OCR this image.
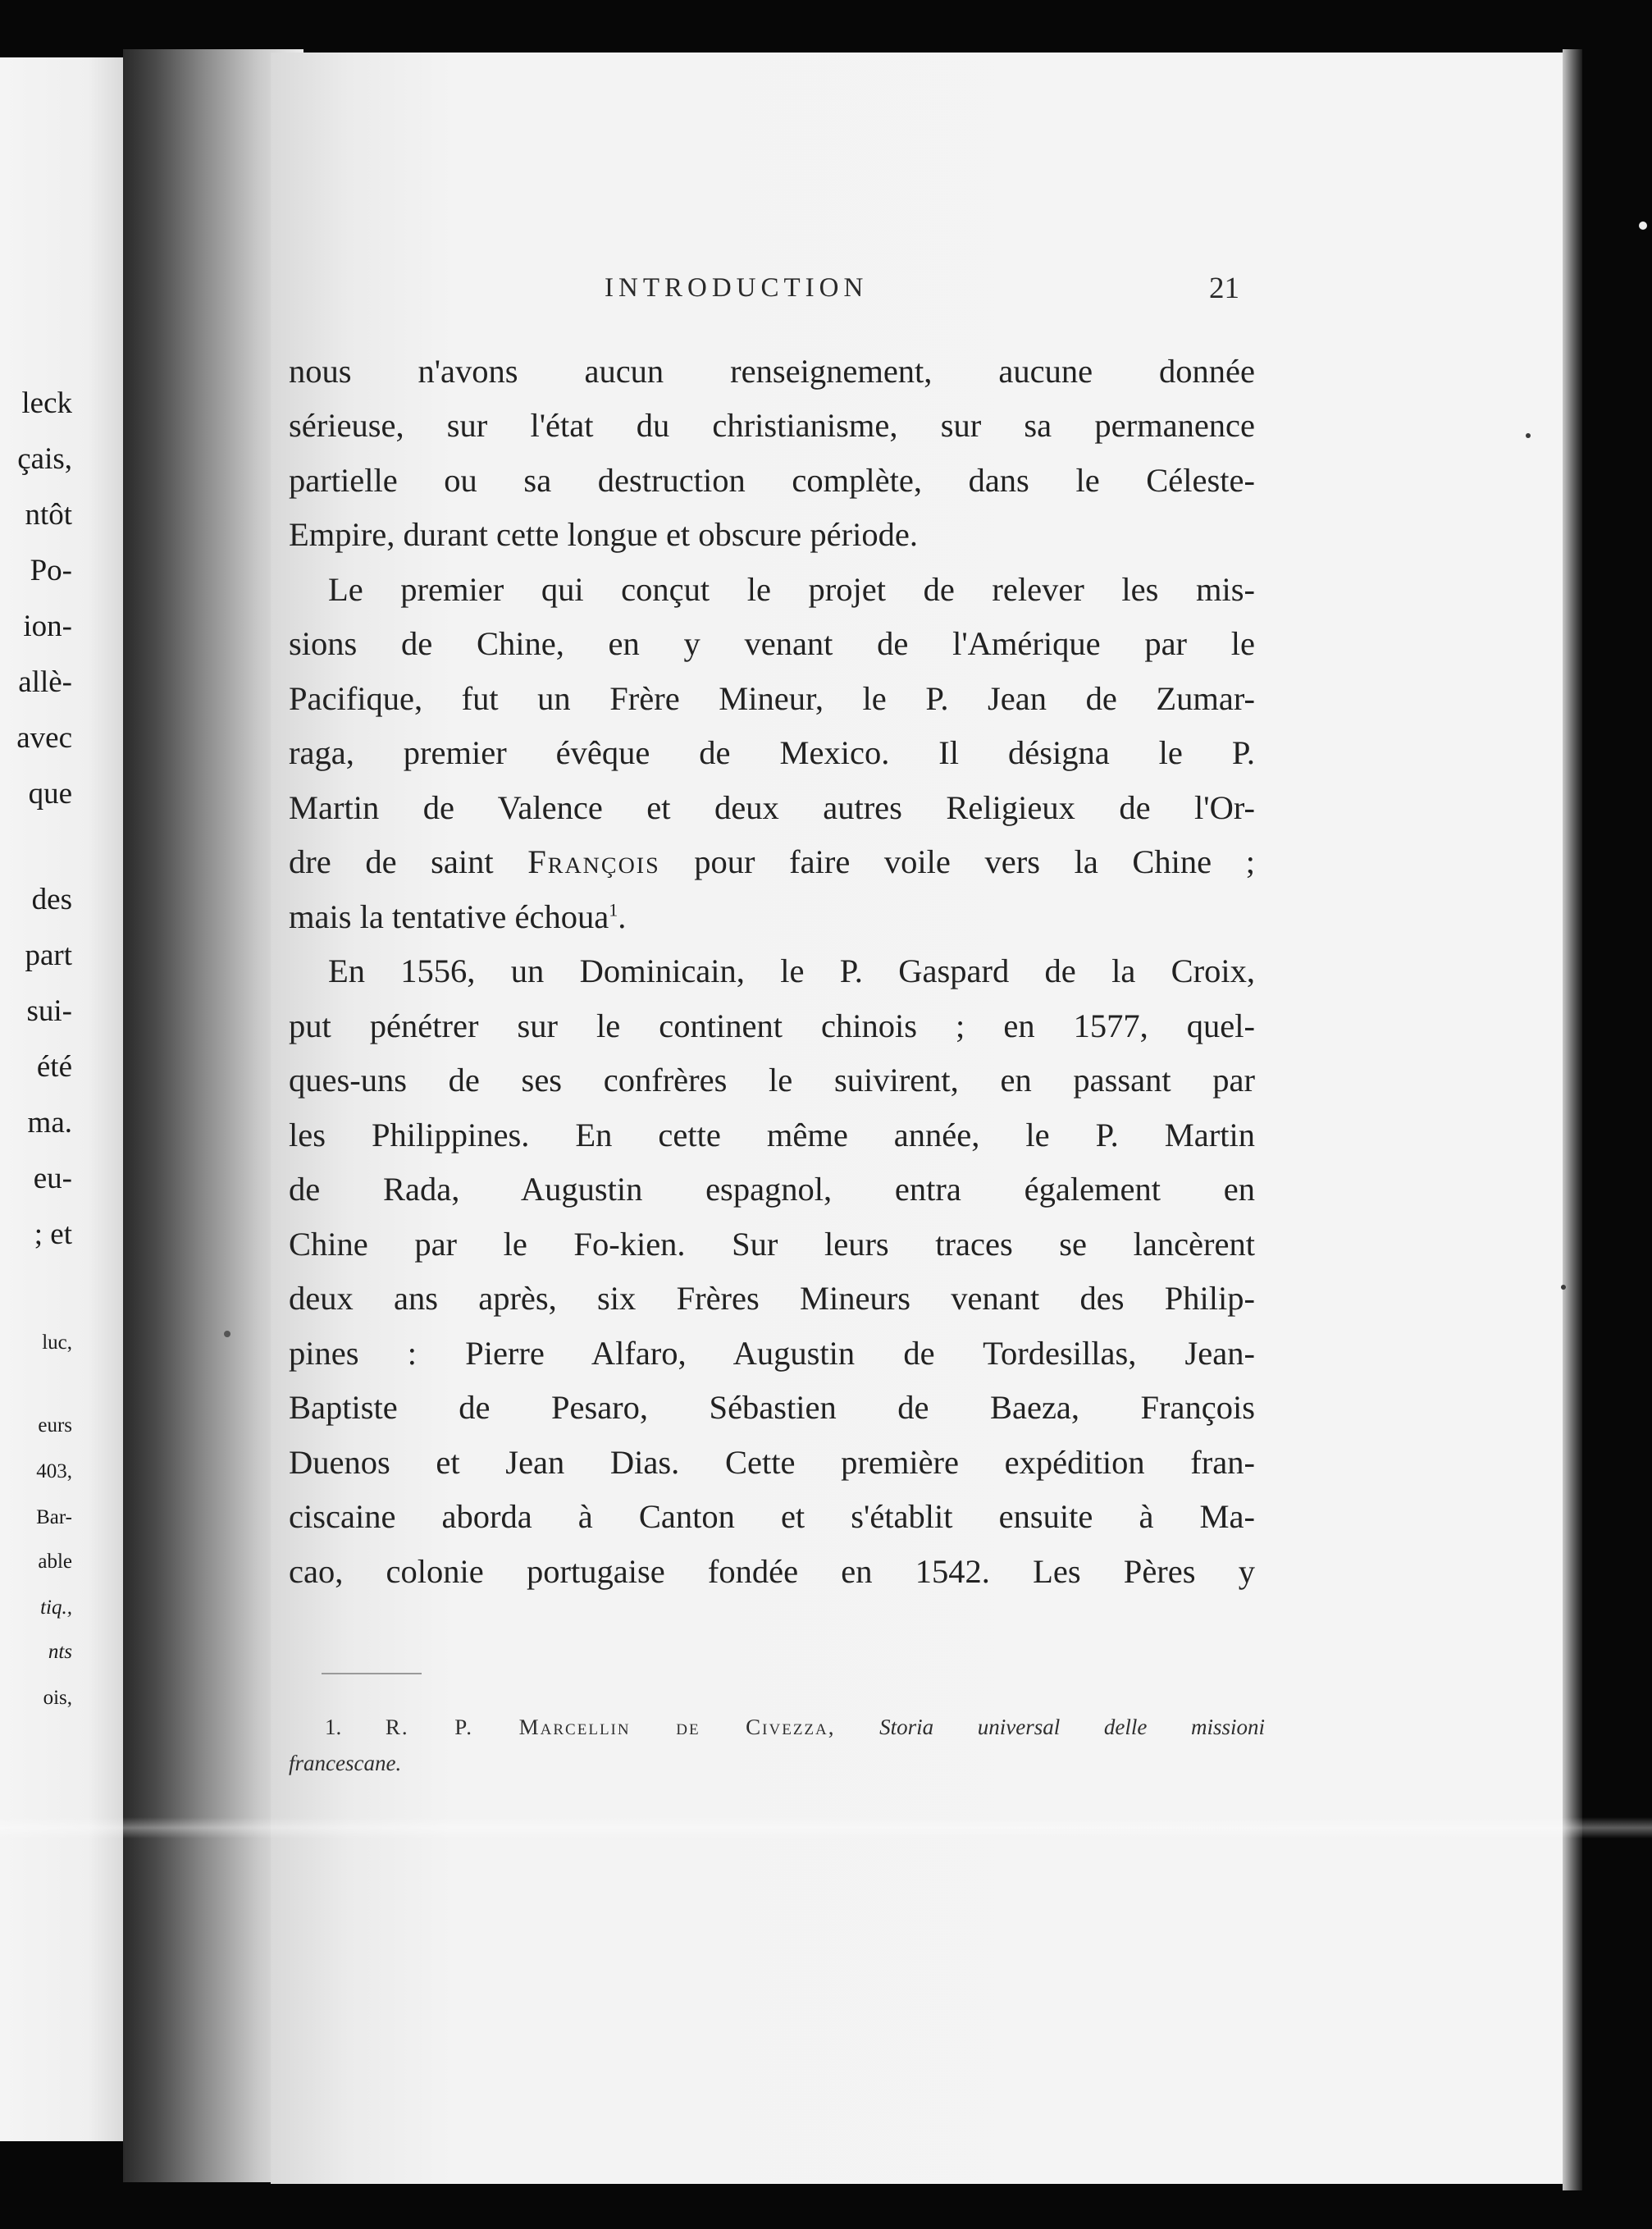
leck
çais,
ntôt
Po-
ion-
allè-
avec
que
des
part
sui-
été
ma.
eu-
; et
luc,
eurs
403,
Bar-
able
tiq.,
nts
ois,
INTRODUCTION	21
nous n'avons aucun renseignement, aucune donnée
sérieuse, sur l'état du christianisme, sur sa permanence
partielle ou sa destruction complète, dans le Céleste-
Empire, durant cette longue et obscure période.
Le premier qui conçut le projet de relever les mis-
sions de Chine, en y venant de l'Amérique par le
Pacifique, fut un Frère Mineur, le P. Jean de Zumar-
raga, premier évêque de Mexico. Il désigna le P.
Martin de Valence et deux autres Religieux de l'Or-
dre de saint François pour faire voile vers la Chine ;
mais la tentative échoua$^1$.
En 1556, un Dominicain, le P. Gaspard de la Croix,
put pénétrer sur le continent chinois ; en 1577, quel-
ques-uns de ses confrères le suivirent, en passant par
les Philippines. En cette même année, le P. Martin
de Rada, Augustin espagnol, entra également en
Chine par le Fo-kien. Sur leurs traces se lancèrent
deux ans après, six Frères Mineurs venant des Philip-
pines : Pierre Alfaro, Augustin de Tordesillas, Jean-
Baptiste de Pesaro, Sébastien de Baeza, François
Duenos et Jean Dias. Cette première expédition fran-
ciscaine aborda à Canton et s'établit ensuite à Ma-
cao, colonie portugaise fondée en 1542. Les Pères y
1. R. P. Marcellin de Civezza, Storia universal delle missioni
francescane.
